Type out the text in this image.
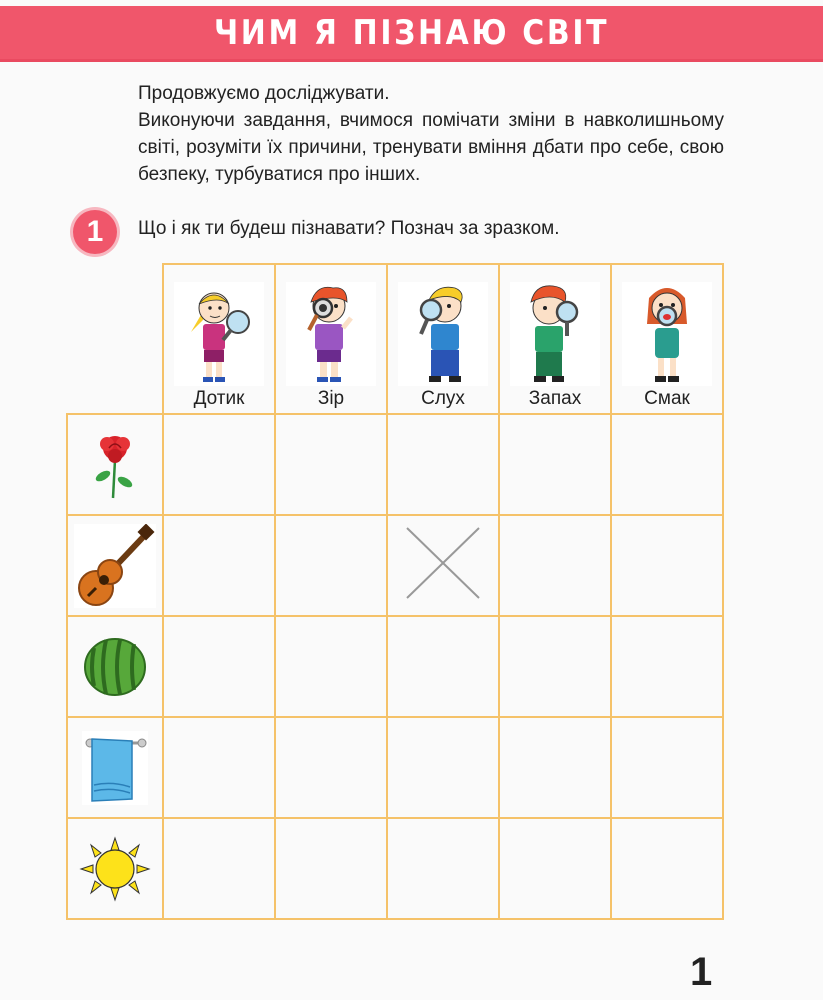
ЧИМ Я ПІЗНАЮ СВІТ

Продовжуємо досліджувати.

Виконуючи завдання, вчимося помічати зміни в навколишньому світі, розуміти їх причини, тренувати вміння дбати про себе, свою безпеку, турбуватися про інших.

1	Що і як ти будеш пізнавати? Познач за зразком.

	Дотик	Зір	Слух	Запах	Смак

1
